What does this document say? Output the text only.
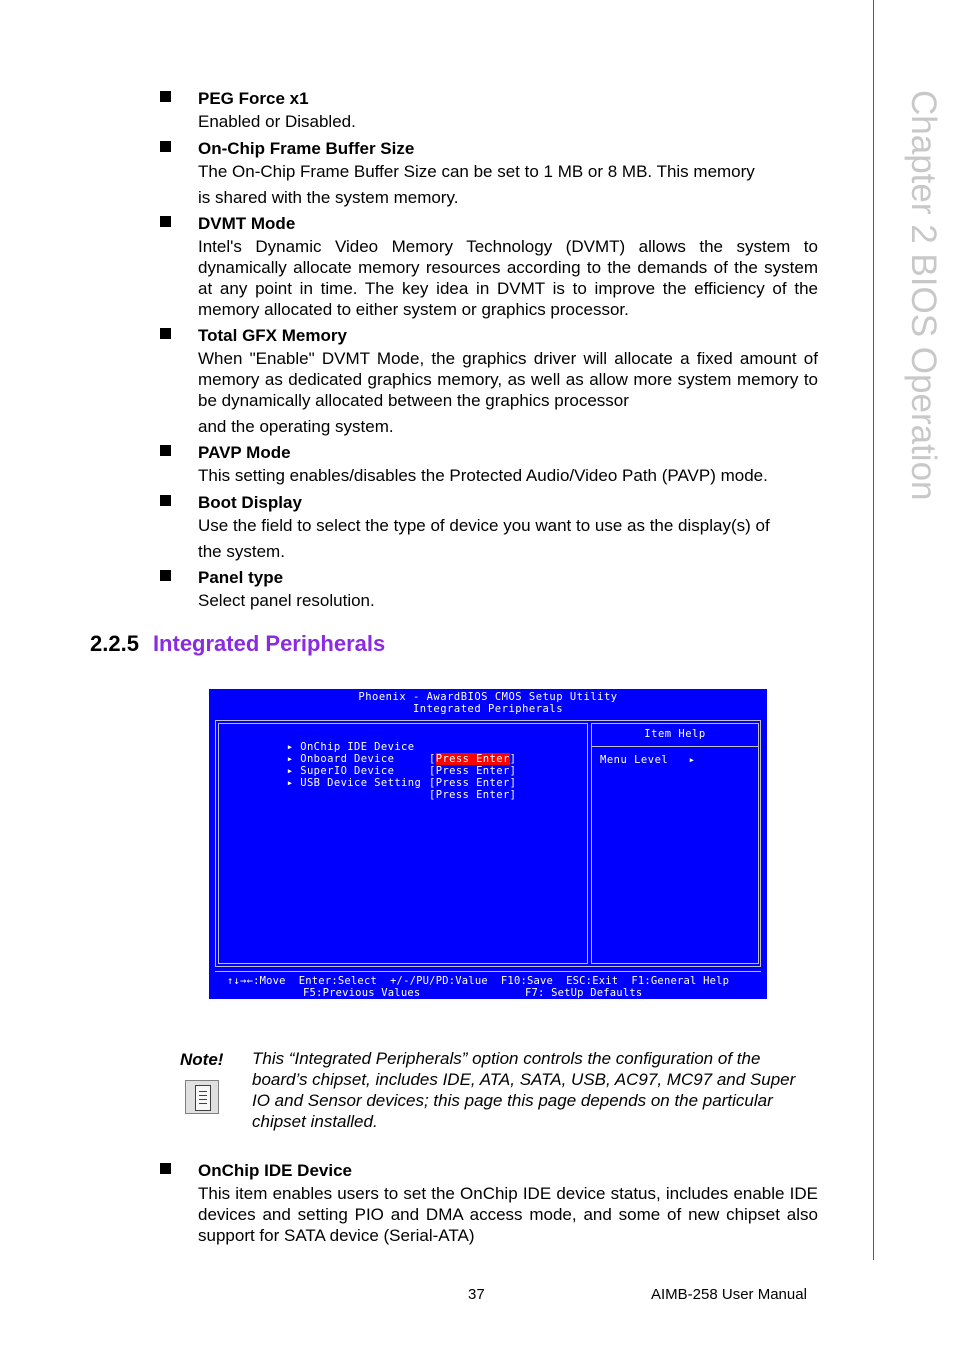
Chapter 2 BIOS Operation
PEG Force x1
Enabled or Disabled.
On-Chip Frame Buffer Size
The On-Chip Frame Buffer Size can be set to 1 MB or 8 MB. This memory
is shared with the system memory.
DVMT Mode
Intel's Dynamic Video Memory Technology (DVMT) allows the system to dynamically allocate memory resources according to the demands of the system at any point in time. The key idea in DVMT is to improve the efficiency of the memory allocated to either system or graphics processor.
Total GFX Memory
When "Enable" DVMT Mode, the graphics driver will allocate a fixed amount of memory as dedicated graphics memory, as well as allow more system memory to be dynamically allocated between the graphics processor
and the operating system.
PAVP Mode
This setting enables/disables the Protected Audio/Video Path (PAVP) mode.
Boot Display
Use the field to select the type of device you want to use as the display(s) of
the system.
Panel type
Select panel resolution.
2.2.5 Integrated Peripherals
Phoenix - AwardBIOS CMOS Setup Utility
Integrated Peripherals

▸ OnChip IDE Device

[Press Enter]

▸ Onboard Device

[Press Enter]

▸ SuperIO Device

[Press Enter]

▸ USB Device Setting

[Press Enter]

Item Help
Menu Level   ▸
↑↓→←:Move  Enter:Select  +/-/PU/PD:Value  F10:Save  ESC:Exit  F1:General Help
F5:Previous Values	F7: SetUp Defaults
Note! This “Integrated Peripherals” option controls the configuration of the board’s chipset, includes IDE, ATA, SATA, USB, AC97, MC97 and Super IO and Sensor devices; this page this page depends on the particular chipset installed.
OnChip IDE Device
This item enables users to set the OnChip IDE device status, includes enable IDE devices and setting PIO and DMA access mode, and some of new chipset also support for SATA device (Serial-ATA)
37	AIMB-258 User Manual
